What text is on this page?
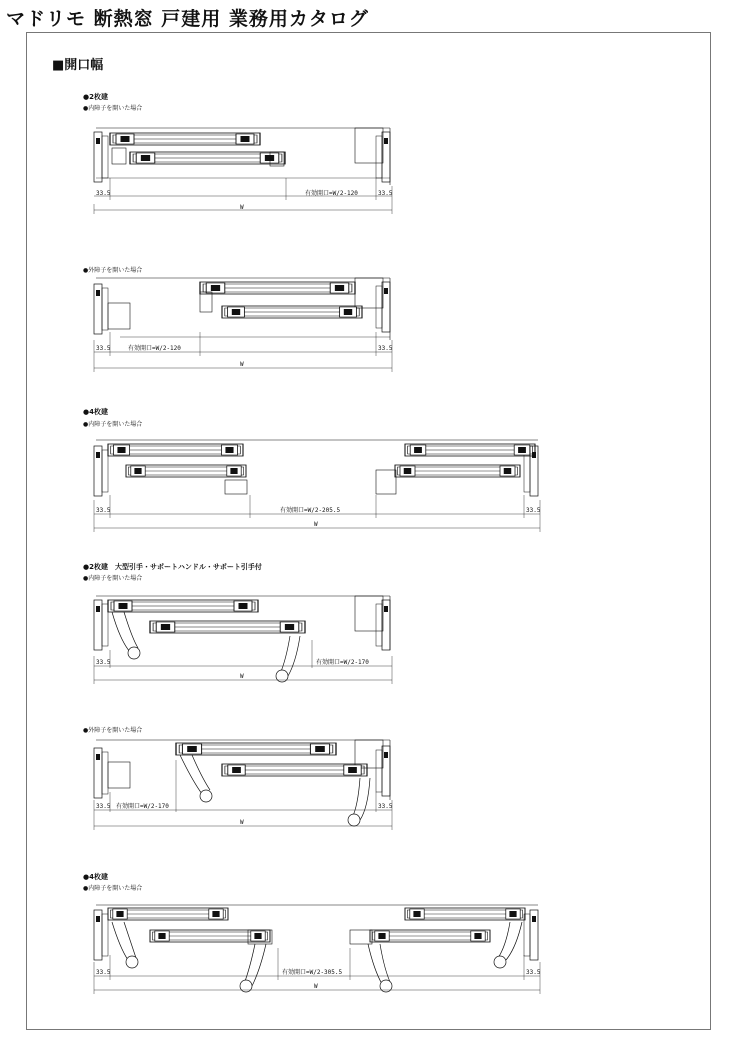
マドリモ 断熱窓 戸建用 業務用カタログ
■開口幅
●2枚建
●内障子を開いた場合
●外障子を開いた場合
●4枚建
●内障子を開いた場合
●2枚建　大型引手・サポートハンドル・サポート引手付
●内障子を開いた場合
●外障子を開いた場合
●4枚建
●内障子を開いた場合
33.5	有効開口=W/2-120	33.5
W
33.5	有効開口=W/2-120	33.5
W
33.5	有効開口=W/2-205.5	33.5
W
33.5	有効開口=W/2-170
W
33.5 有効開口=W/2-170	33.5
W
33.5	有効開口=W/2-305.5	33.5
W
